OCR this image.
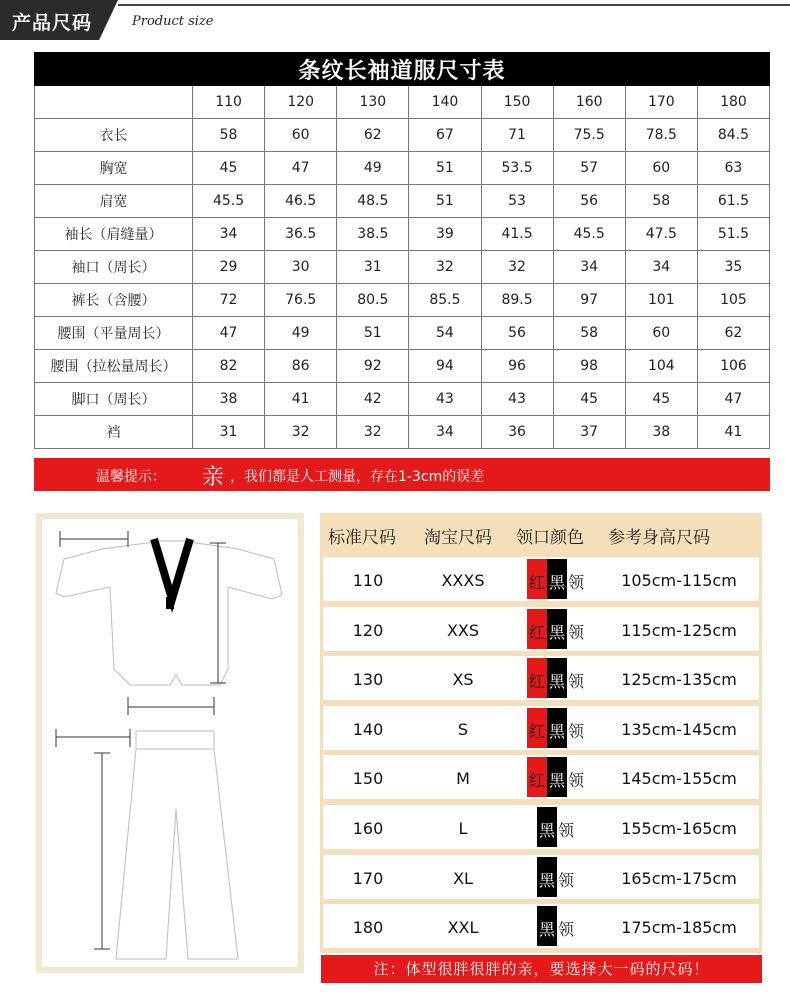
产品尺码	Product size
条纹长袖道服尺寸表								
	110	120	130	140	150	160	170	180
衣长	58	60	62	67	71	75.5	78.5	84.5
胸宽	45	47	49	51	53.5	57	60	63
肩宽	45.5	46.5	48.5	51	53	56	58	61.5
袖长（肩缝量）	34	36.5	38.5	39	41.5	45.5	47.5	51.5
袖口（周长）	29	30	31	32	32	34	34	35
裤长（含腰）	72	76.5	80.5	85.5	89.5	97	101	105
腰围（平量周长）	47	49	51	54	56	58	60	62
腰围（拉松量周长）	82	86	92	94	96	98	104	106
脚口（周长）	38	41	42	43	43	45	45	47
裆	31	32	32	34	36	37	38	41
温馨提示： 亲 ，我们都是人工测量，存在1-3cm的误差
标准尺码 淘宝尺码 领口颜色 参考身高尺码
110	XXXS	红 黑 领	105cm-115cm
120	XXS	红 黑 领	115cm-125cm
130	XS	红 黑 领	125cm-135cm
140	S	红 黑 领	135cm-145cm
150	M	红 黑 领	145cm-155cm
160	L	黑 领	155cm-165cm
170	XL	黑 领	165cm-175cm
180	XXL	黑 领	175cm-185cm
注：体型很胖很胖的亲，要选择大一码的尺码！
